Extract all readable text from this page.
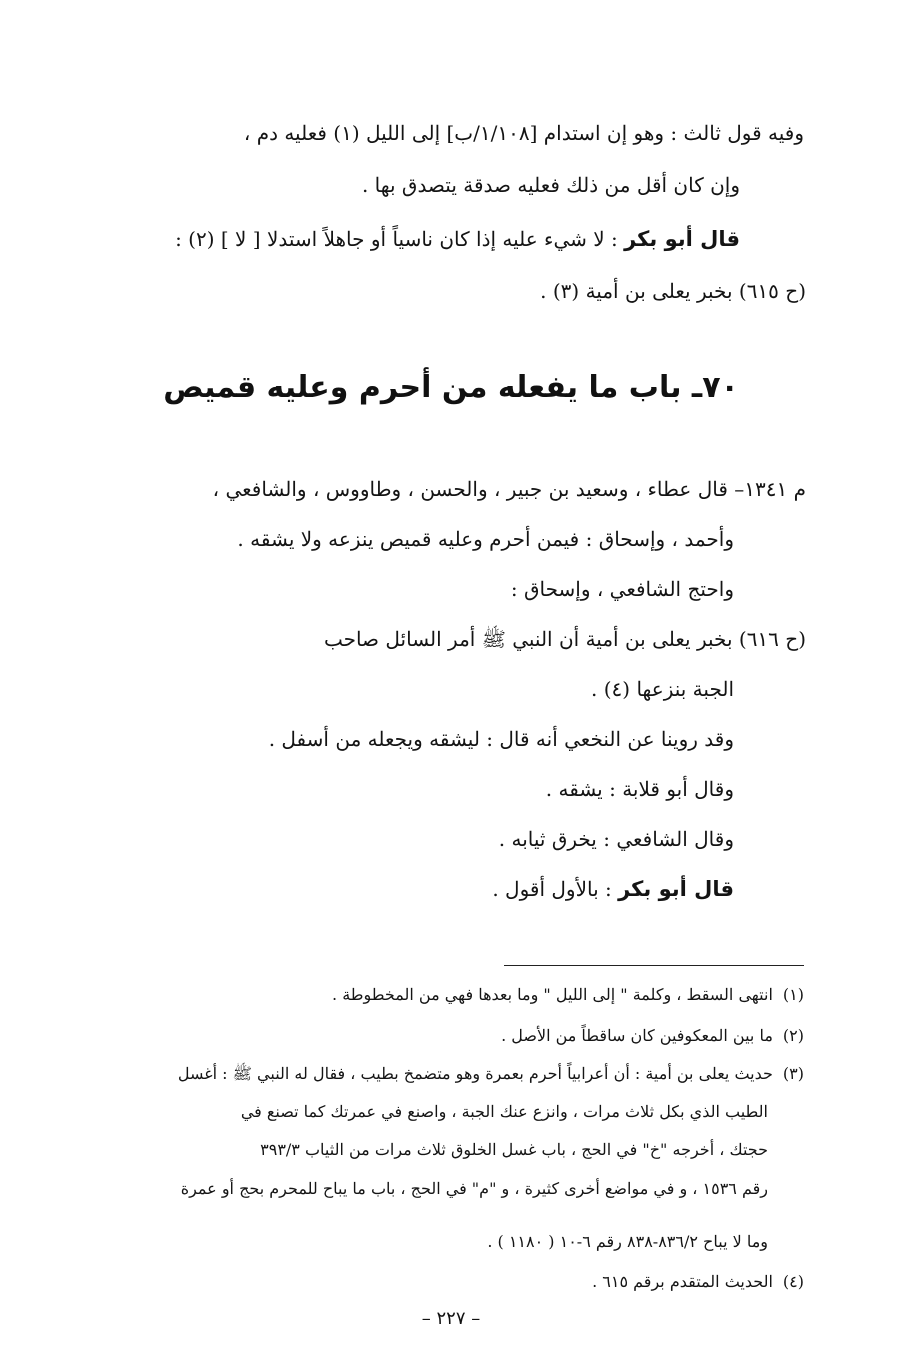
وفيه قول ثالث : وهو إن استدام [١/١٠٨/ب] إلى الليل (١) فعليه دم ،
وإن كان أقل من ذلك فعليه صدقة يتصدق بها .
قال أبو بكر : لا شيء عليه إذا كان ناسياً أو جاهلاً استدلا [ لا ] (٢) :
(ح ٦١٥) بخبر يعلى بن أمية (٣) .
٧٠ـ باب ما يفعله من أحرم وعليه قميص
م ١٣٤١– قال عطاء ، وسعيد بن جبير ، والحسن ، وطاووس ، والشافعي ،
وأحمد ، وإسحاق : فيمن أحرم وعليه قميص ينزعه ولا يشقه .
واحتج الشافعي ، وإسحاق :
(ح ٦١٦) بخبر يعلى بن أمية أن النبي ﷺ أمر السائل صاحب
الجبة بنزعها (٤) .
وقد روينا عن النخعي أنه قال : ليشقه ويجعله من أسفل .
وقال أبو قلابة : يشقه .
وقال الشافعي : يخرق ثيابه .
قال أبو بكر : بالأول أقول .
(١)انتهى السقط ، وكلمة " إلى الليل " وما بعدها فهي من المخطوطة .
(٢)ما بين المعكوفين كان ساقطاً من الأصل .
(٣)حديث يعلى بن أمية : أن أعرابياً أحرم بعمرة وهو متضمخ بطيب ، فقال له النبي ﷺ : أغسل
الطيب الذي بكل ثلاث مرات ، وانزع عنك الجبة ، واصنع في عمرتك كما تصنع في
حجتك ، أخرجه "خ" في الحج ، باب غسل الخلوق ثلاث مرات من الثياب ٣٩٣/٣
رقم ١٥٣٦ ، و في مواضع أخرى كثيرة ، و "م" في الحج ، باب ما يباح للمحرم بحج أو عمرة
وما لا يباح ٨٣٦/٢-٨٣٨ رقم ٦-١٠ ( ١١٨٠ ) .
(٤)الحديث المتقدم برقم ٦١٥ .
– ٢٢٧ –
